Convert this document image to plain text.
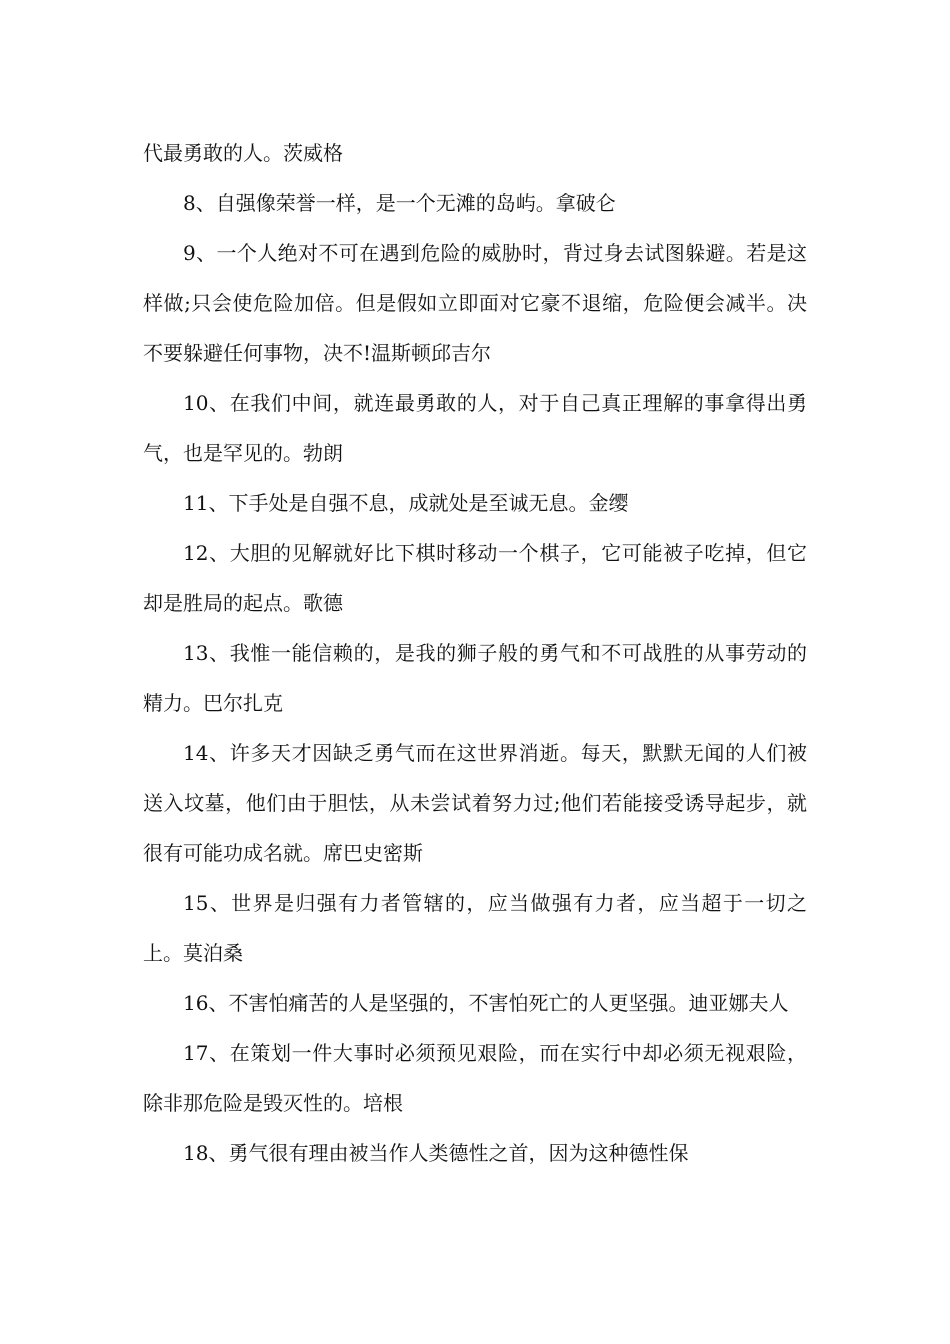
代最勇敢的人。茨威格

8、自强像荣誉一样，是一个无滩的岛屿。拿破仑

9、一个人绝对不可在遇到危险的威胁时，背过身去试图躲避。若是这样做;只会使危险加倍。但是假如立即面对它豪不退缩，危险便会减半。决不要躲避任何事物，决不!温斯顿邱吉尔

10、在我们中间，就连最勇敢的人，对于自己真正理解的事拿得出勇气，也是罕见的。勃朗

11、下手处是自强不息，成就处是至诚无息。金缨

12、大胆的见解就好比下棋时移动一个棋子，它可能被子吃掉，但它却是胜局的起点。歌德

13、我惟一能信赖的，是我的狮子般的勇气和不可战胜的从事劳动的精力。巴尔扎克

14、许多天才因缺乏勇气而在这世界消逝。每天，默默无闻的人们被送入坟墓，他们由于胆怯，从未尝试着努力过;他们若能接受诱导起步，就很有可能功成名就。席巴史密斯

15、世界是归强有力者管辖的，应当做强有力者，应当超于一切之上。莫泊桑

16、不害怕痛苦的人是坚强的，不害怕死亡的人更坚强。迪亚娜夫人

17、在策划一件大事时必须预见艰险，而在实行中却必须无视艰险，除非那危险是毁灭性的。培根

18、勇气很有理由被当作人类德性之首，因为这种德性保
